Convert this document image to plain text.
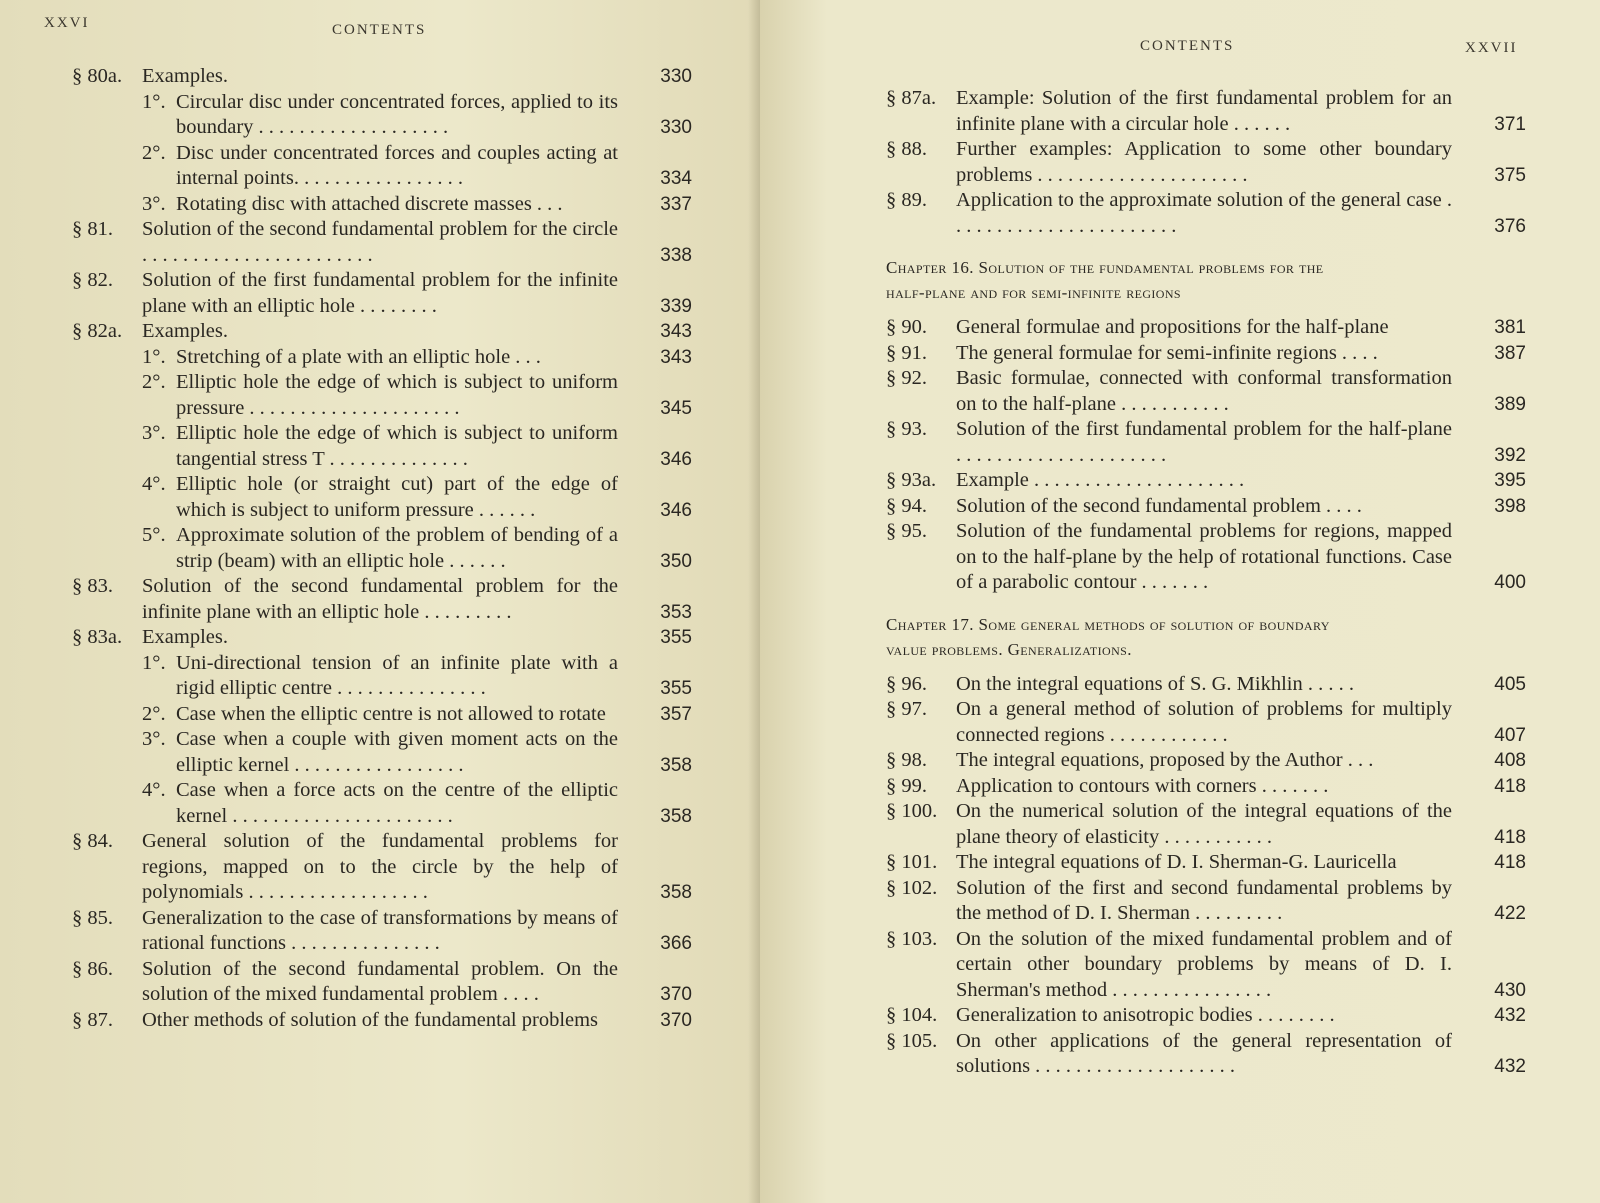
XXVI	CONTENTS
§ 80a. Examples.	330
1°. Circular disc under concentrated forces, applied to its boundary . . . . . . . . . . . . . . . . . . .	330
2°. Disc under concentrated forces and couples acting at internal points. . . . . . . . . . . . . . . . .	334
3°. Rotating disc with attached discrete masses . . .	337
§ 81. Solution of the second fundamental problem for the circle . . . . . . . . . . . . . . . . . . . . . . .	338
§ 82. Solution of the first fundamental problem for the infinite plane with an elliptic hole . . . . . . . .	339
§ 82a. Examples.	343
1°. Stretching of a plate with an elliptic hole . . .	343
2°. Elliptic hole the edge of which is subject to uniform pressure . . . . . . . . . . . . . . . . . . . . .	345
3°. Elliptic hole the edge of which is subject to uniform tangential stress T . . . . . . . . . . . . . .	346
4°. Elliptic hole (or straight cut) part of the edge of which is subject to uniform pressure . . . . . .	346
5°. Approximate solution of the problem of bending of a strip (beam) with an elliptic hole . . . . . .	350
§ 83. Solution of the second fundamental problem for the infinite plane with an elliptic hole . . . . . . . . .	353
§ 83a. Examples.	355
1°. Uni-directional tension of an infinite plate with a rigid elliptic centre . . . . . . . . . . . . . . .	355
2°. Case when the elliptic centre is not allowed to rotate	357
3°. Case when a couple with given moment acts on the elliptic kernel . . . . . . . . . . . . . . . . .	358
4°. Case when a force acts on the centre of the elliptic kernel . . . . . . . . . . . . . . . . . . . . . .	358
§ 84. General solution of the fundamental problems for regions, mapped on to the circle by the help of polynomials . . . . . . . . . . . . . . . . . .	358
§ 85. Generalization to the case of transformations by means of rational functions . . . . . . . . . . . . . . .	366
§ 86. Solution of the second fundamental problem. On the solution of the mixed fundamental problem . . . .	370
§ 87. Other methods of solution of the fundamental problems	370
CONTENTS	XXVII
§ 87a. Example: Solution of the first fundamental problem for an infinite plane with a circular hole . . . . . .	371
§ 88. Further examples: Application to some other boundary problems . . . . . . . . . . . . . . . . . . . . .	375
§ 89. Application to the approximate solution of the general case . . . . . . . . . . . . . . . . . . . . . . .	376
Chapter 16. Solution of the fundamental problems for the
half-plane and for semi-infinite regions
§ 90. General formulae and propositions for the half-plane	381
§ 91. The general formulae for semi-infinite regions . . . .	387
§ 92. Basic formulae, connected with conformal transformation on to the half-plane . . . . . . . . . . .	389
§ 93. Solution of the first fundamental problem for the half-plane . . . . . . . . . . . . . . . . . . . . .	392
§ 93a. Example . . . . . . . . . . . . . . . . . . . . .	395
§ 94. Solution of the second fundamental problem . . . .	398
§ 95. Solution of the fundamental problems for regions, mapped on to the half-plane by the help of rotational functions. Case of a parabolic contour . . . . . . .	400
Chapter 17. Some general methods of solution of boundary
value problems. Generalizations.
§ 96. On the integral equations of S. G. Mikhlin . . . . .	405
§ 97. On a general method of solution of problems for multiply connected regions . . . . . . . . . . . .	407
§ 98. The integral equations, proposed by the Author . . .	408
§ 99. Application to contours with corners . . . . . . .	418
§ 100. On the numerical solution of the integral equations of the plane theory of elasticity . . . . . . . . . . .	418
§ 101. The integral equations of D. I. Sherman-G. Lauricella	418
§ 102. Solution of the first and second fundamental problems by the method of D. I. Sherman . . . . . . . . .	422
§ 103. On the solution of the mixed fundamental problem and of certain other boundary problems by means of D. I. Sherman's method . . . . . . . . . . . . . . . .	430
§ 104. Generalization to anisotropic bodies . . . . . . . .	432
§ 105. On other applications of the general representation of solutions . . . . . . . . . . . . . . . . . . . .	432
